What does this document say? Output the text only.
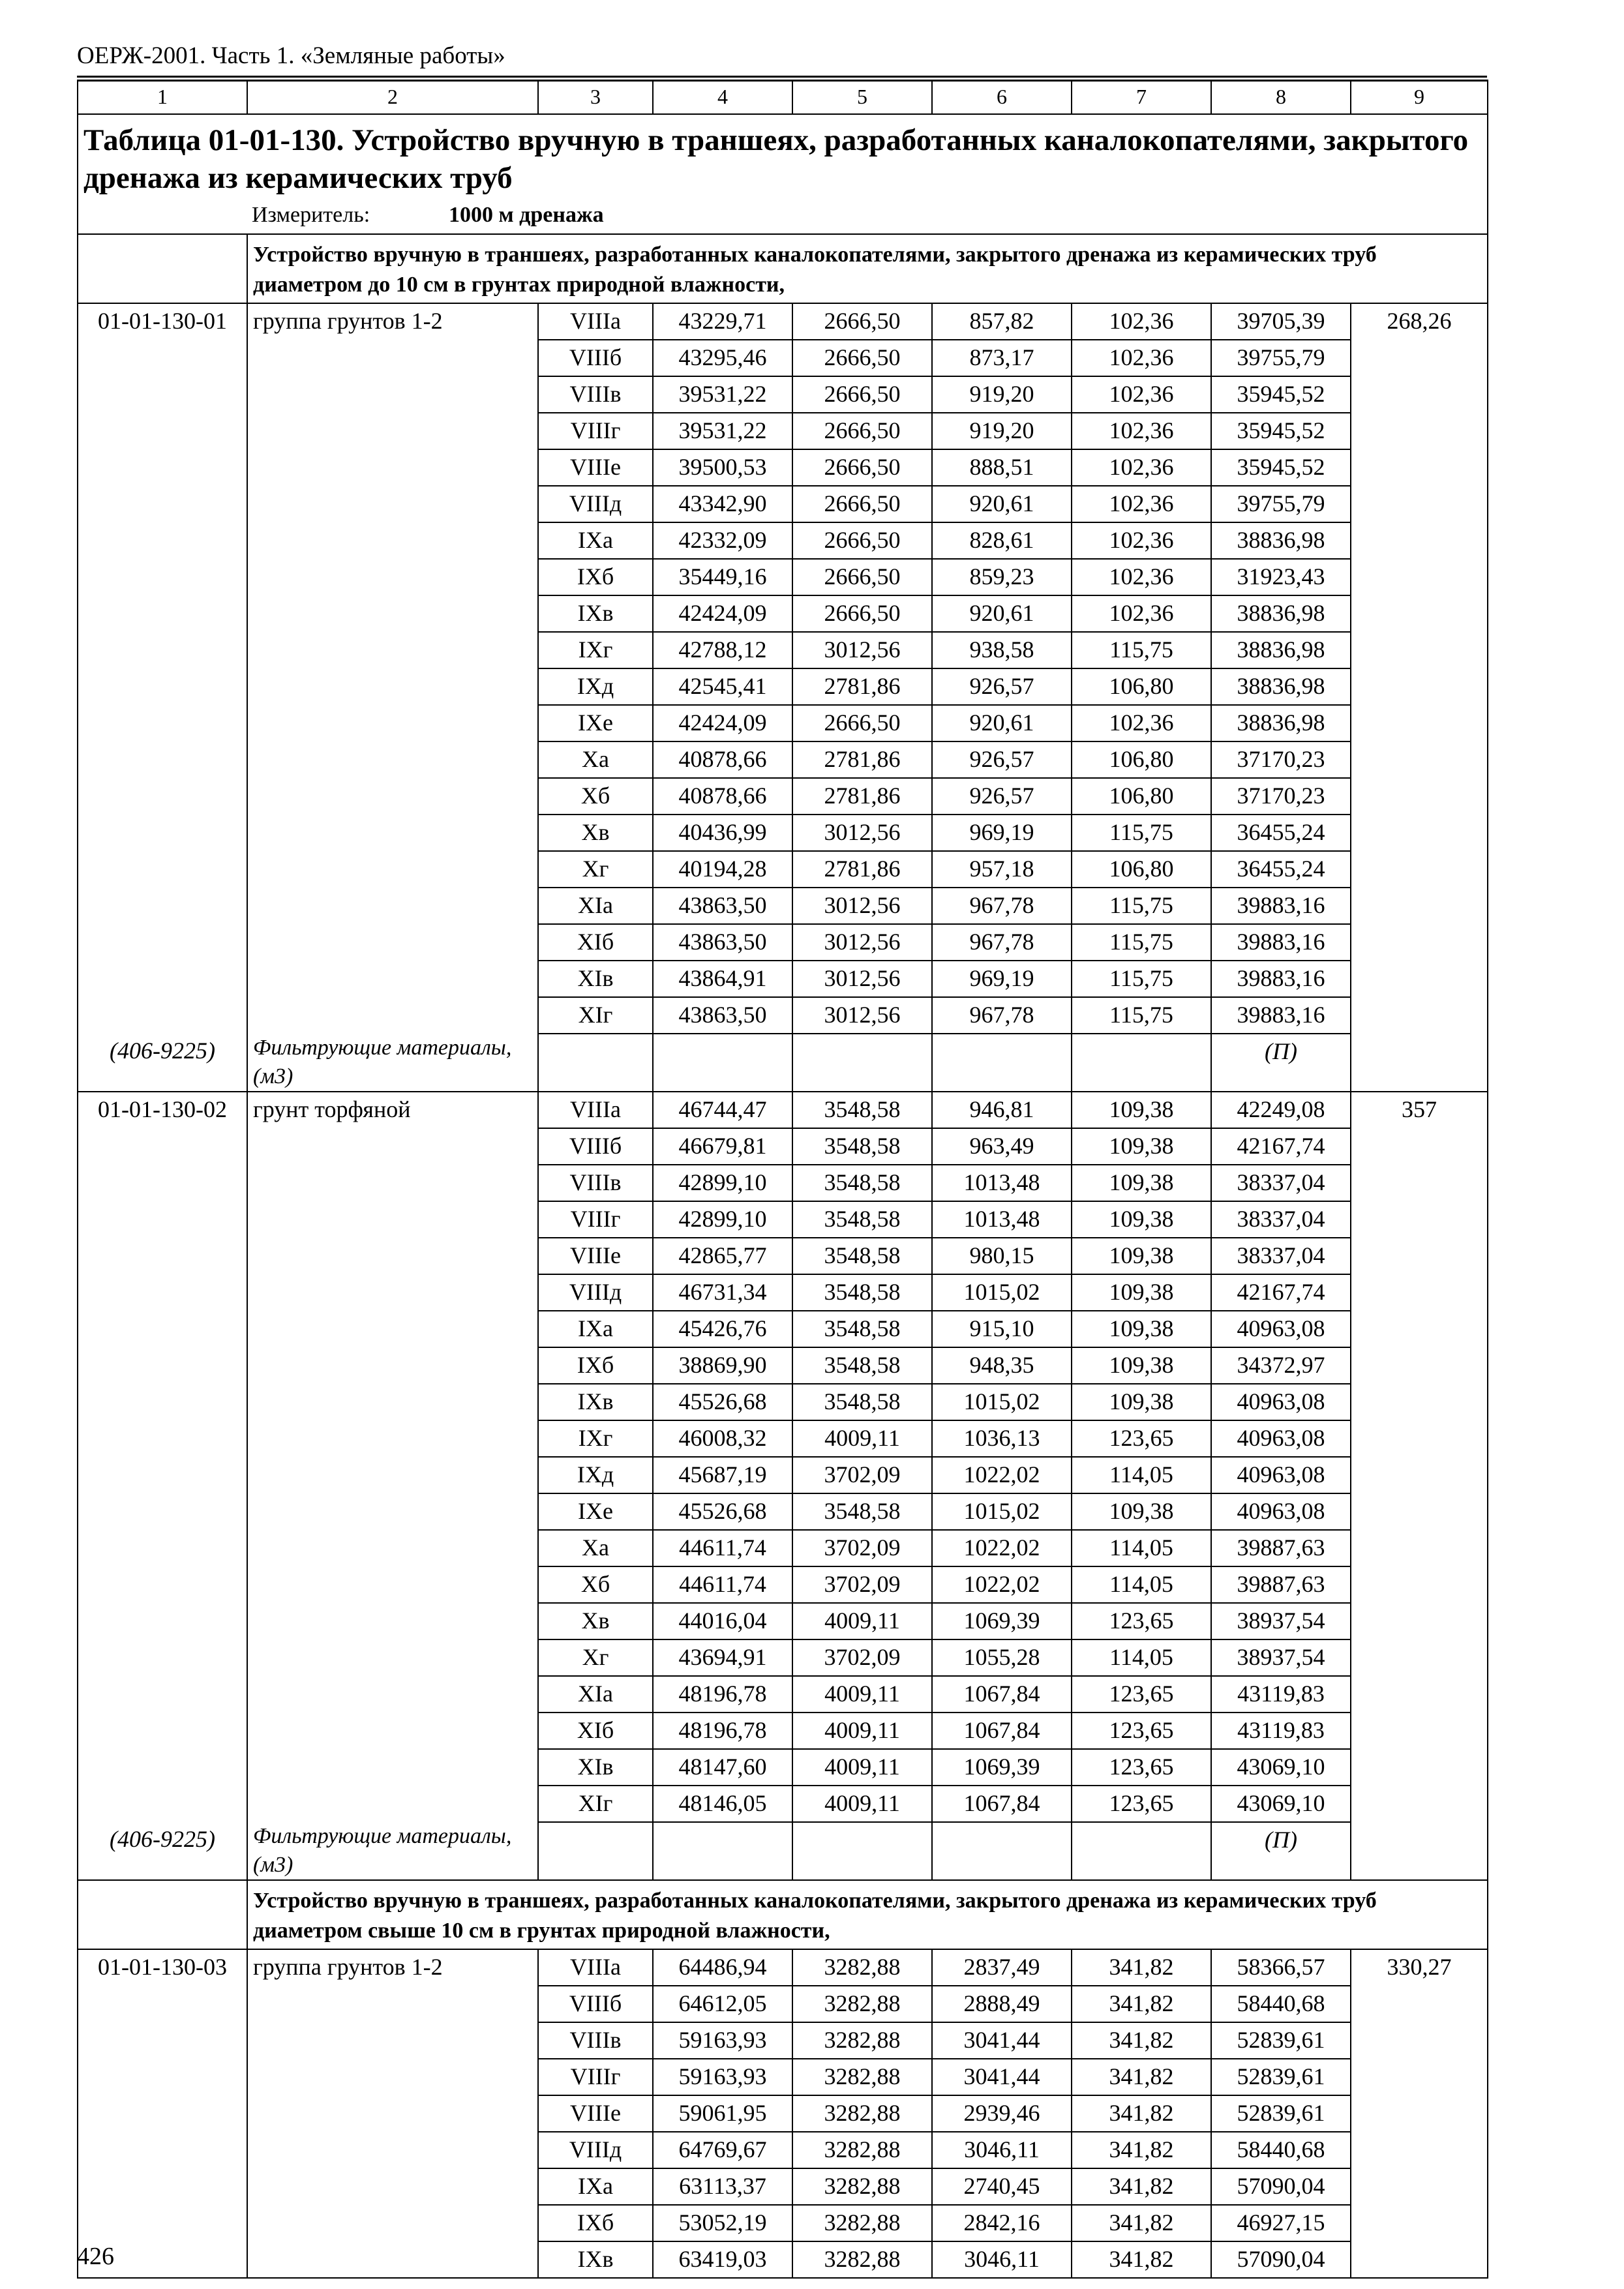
ОЕРЖ-2001. Часть 1. «Земляные работы»
1	2	3	4	5	6	7	8	9

Таблица 01-01-130. Устройство вручную в траншеях, разработанных каналокопателями, закрытого дренажа из керамических труб
Измеритель: 1000 м дренажа								

	Устройство вручную в траншеях, разработанных каналокопателями, закрытого дренажа из керамических труб диаметром до 10 см в грунтах природной влажности,							
01-01-130-01	группа грунтов 1-2	VIIIа	43229,71	2666,50	857,82	102,36	39705,39	268,26
		VIIIб	43295,46	2666,50	873,17	102,36	39755,79	
		VIIIв	39531,22	2666,50	919,20	102,36	35945,52	
		VIIIг	39531,22	2666,50	919,20	102,36	35945,52	
		VIIIе	39500,53	2666,50	888,51	102,36	35945,52	
		VIIIд	43342,90	2666,50	920,61	102,36	39755,79	
		IXа	42332,09	2666,50	828,61	102,36	38836,98	
		IXб	35449,16	2666,50	859,23	102,36	31923,43	
		IXв	42424,09	2666,50	920,61	102,36	38836,98	
		IXг	42788,12	3012,56	938,58	115,75	38836,98	
		IXд	42545,41	2781,86	926,57	106,80	38836,98	
		IXе	42424,09	2666,50	920,61	102,36	38836,98	
		Xа	40878,66	2781,86	926,57	106,80	37170,23	
		Xб	40878,66	2781,86	926,57	106,80	37170,23	
		Xв	40436,99	3012,56	969,19	115,75	36455,24	
		Xг	40194,28	2781,86	957,18	106,80	36455,24	
		XIа	43863,50	3012,56	967,78	115,75	39883,16	
		XIб	43863,50	3012,56	967,78	115,75	39883,16	
		XIв	43864,91	3012,56	969,19	115,75	39883,16	
		XIг	43863,50	3012,56	967,78	115,75	39883,16	
(406-9225)	Фильтрующие материалы, (м3)						(П)	
01-01-130-02	грунт торфяной	VIIIа	46744,47	3548,58	946,81	109,38	42249,08	357
		VIIIб	46679,81	3548,58	963,49	109,38	42167,74	
		VIIIв	42899,10	3548,58	1013,48	109,38	38337,04	
		VIIIг	42899,10	3548,58	1013,48	109,38	38337,04	
		VIIIе	42865,77	3548,58	980,15	109,38	38337,04	
		VIIIд	46731,34	3548,58	1015,02	109,38	42167,74	
		IXа	45426,76	3548,58	915,10	109,38	40963,08	
		IXб	38869,90	3548,58	948,35	109,38	34372,97	
		IXв	45526,68	3548,58	1015,02	109,38	40963,08	
		IXг	46008,32	4009,11	1036,13	123,65	40963,08	
		IXд	45687,19	3702,09	1022,02	114,05	40963,08	
		IXе	45526,68	3548,58	1015,02	109,38	40963,08	
		Xа	44611,74	3702,09	1022,02	114,05	39887,63	
		Xб	44611,74	3702,09	1022,02	114,05	39887,63	
		Xв	44016,04	4009,11	1069,39	123,65	38937,54	
		Xг	43694,91	3702,09	1055,28	114,05	38937,54	
		XIа	48196,78	4009,11	1067,84	123,65	43119,83	
		XIб	48196,78	4009,11	1067,84	123,65	43119,83	
		XIв	48147,60	4009,11	1069,39	123,65	43069,10	
		XIг	48146,05	4009,11	1067,84	123,65	43069,10	
(406-9225)	Фильтрующие материалы, (м3)						(П)	
	Устройство вручную в траншеях, разработанных каналокопателями, закрытого дренажа из керамических труб диаметром свыше 10 см в грунтах природной влажности,							
01-01-130-03	группа грунтов 1-2	VIIIа	64486,94	3282,88	2837,49	341,82	58366,57	330,27
		VIIIб	64612,05	3282,88	2888,49	341,82	58440,68	
		VIIIв	59163,93	3282,88	3041,44	341,82	52839,61	
		VIIIг	59163,93	3282,88	3041,44	341,82	52839,61	
		VIIIе	59061,95	3282,88	2939,46	341,82	52839,61	
		VIIIд	64769,67	3282,88	3046,11	341,82	58440,68	
		IXа	63113,37	3282,88	2740,45	341,82	57090,04	
		IXб	53052,19	3282,88	2842,16	341,82	46927,15	
		IXв	63419,03	3282,88	3046,11	341,82	57090,04	
426
